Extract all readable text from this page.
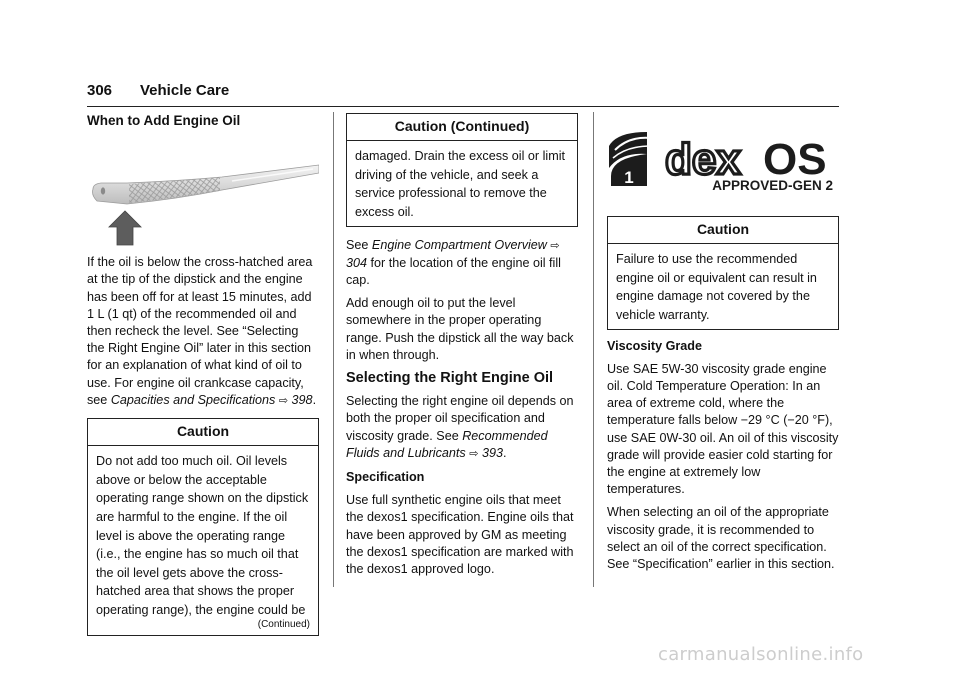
306 Vehicle Care
When to Add Engine Oil

If the oil is below the cross-hatched area at the tip of the dipstick and the engine has been off for at least 15 minutes, add 1 L (1 qt) of the recommended oil and then recheck the level. See “Selecting the Right Engine Oil” later in this section for an explanation of what kind of oil to use. For engine oil crankcase capacity, see Capacities and Specifications ⇨ 398.

Caution
Do not add too much oil. Oil levels above or below the acceptable operating range shown on the dipstick are harmful to the engine. If the oil level is above the operating range (i.e., the engine has so much oil that the oil level gets above the cross-hatched area that shows the proper operating range), the engine could be
(Continued)
Caution (Continued)
damaged. Drain the excess oil or limit driving of the vehicle, and seek a service professional to remove the excess oil.

See Engine Compartment Overview ⇨ 304 for the location of the engine oil fill cap.

Add enough oil to put the level somewhere in the proper operating range. Push the dipstick all the way back in when through.

Selecting the Right Engine Oil

Selecting the right engine oil depends on both the proper oil specification and viscosity grade. See Recommended Fluids and Lubricants ⇨ 393.

Specification

Use full synthetic engine oils that meet the dexos1 specification. Engine oils that have been approved by GM as meeting the dexos1 specification are marked with the dexos1 approved logo.

1 dex OS
APPROVED-GEN 2
Caution
Failure to use the recommended engine oil or equivalent can result in engine damage not covered by the vehicle warranty.

Viscosity Grade

Use SAE 5W-30 viscosity grade engine oil. Cold Temperature Operation: In an area of extreme cold, where the temperature falls below −29 °C (−20 °F), use SAE 0W-30 oil. An oil of this viscosity grade will provide easier cold starting for the engine at extremely low temperatures.

When selecting an oil of the appropriate viscosity grade, it is recommended to select an oil of the correct specification. See “Specification” earlier in this section.

carmanualsonline.info
